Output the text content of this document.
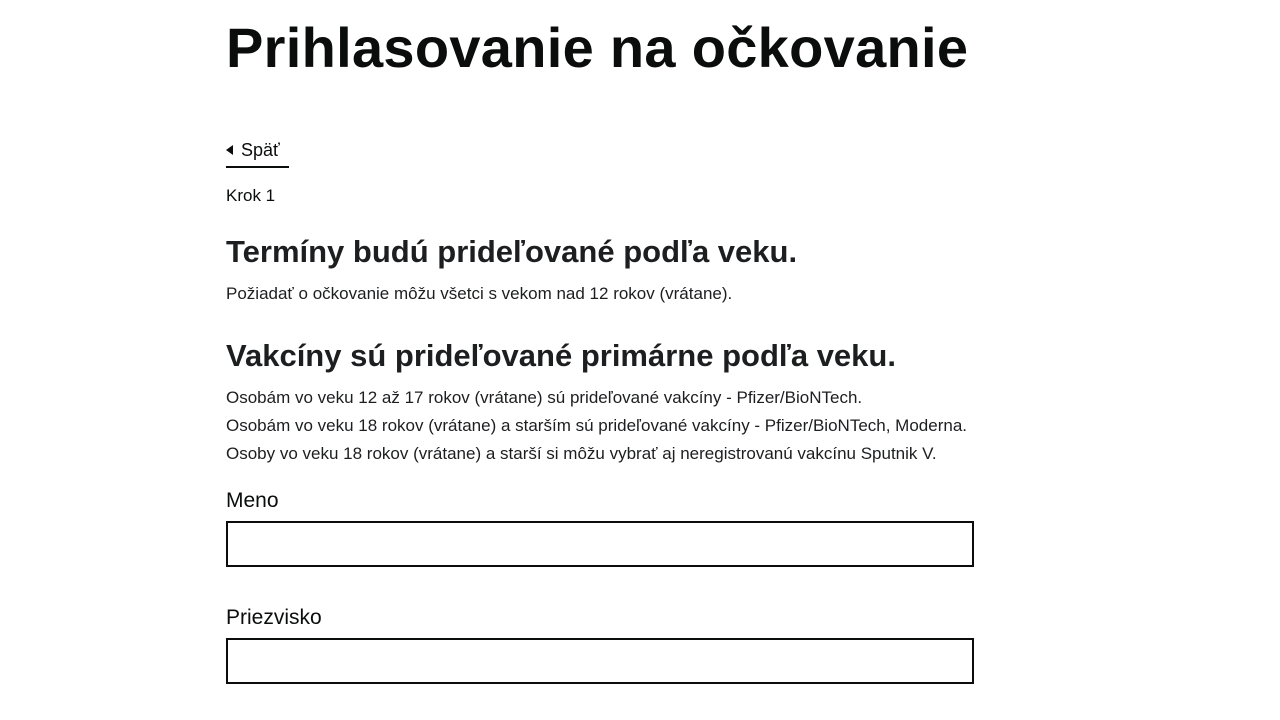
Prihlasovanie na očkovanie
Späť
Krok 1
Termíny budú prideľované podľa veku.
Požiadať o očkovanie môžu všetci s vekom nad 12 rokov (vrátane).
Vakcíny sú prideľované primárne podľa veku.
Osobám vo veku 12 až 17 rokov (vrátane) sú prideľované vakcíny - Pfizer/BioNTech.
Osobám vo veku 18 rokov (vrátane) a starším sú prideľované vakcíny - Pfizer/BioNTech, Moderna.
Osoby vo veku 18 rokov (vrátane) a starší si môžu vybrať aj neregistrovanú vakcínu Sputnik V.
Meno
Priezvisko
